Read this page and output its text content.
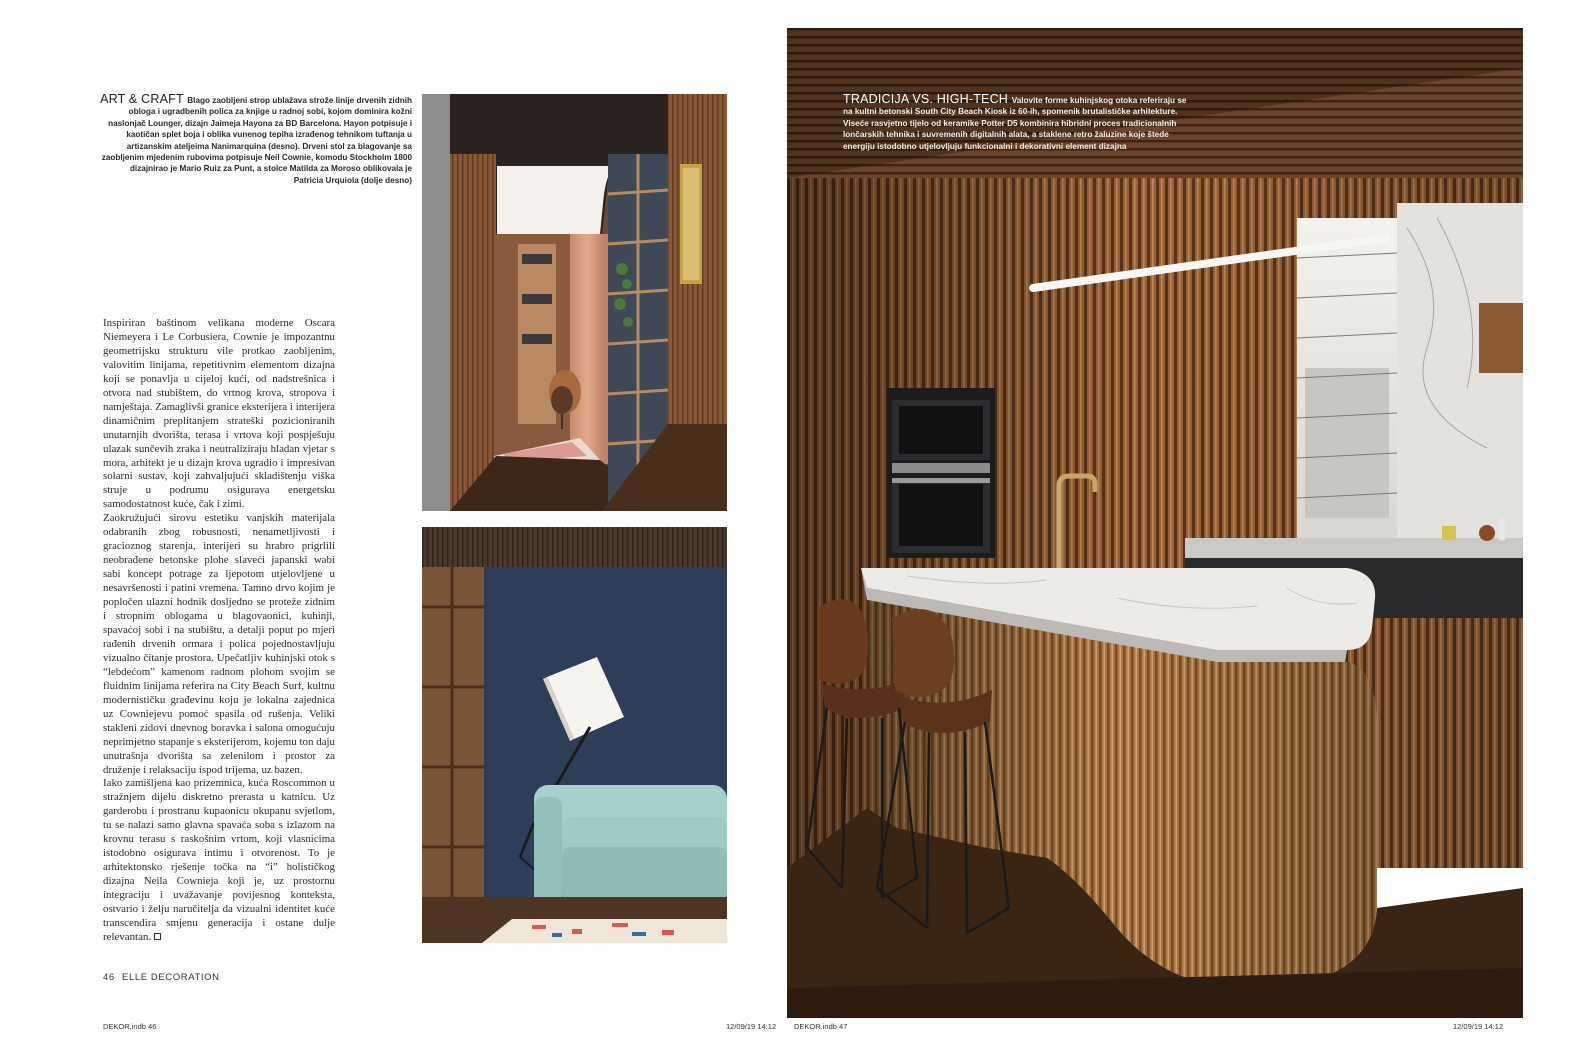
ART & CRAFT Blago zaobljeni strop ublažava strože linije drvenih zidnih obloga i ugradbenih polica za knjige u radnoj sobi, kojom dominira kožni naslonjač Lounger, dizajn Jaimeja Hayona za BD Barcelona. Hayon potpisuje i kaotičan splet boja i oblika vunenog tepiha izrađenog tehnikom tuftanja u artizanskim ateljeima Nanimarquina (desno). Drveni stol za blagovanje sa zaobljenim mjedenim rubovima potpisuje Neil Cownie, komodu Stockholm 1800 dizajnirao je Mario Ruiz za Punt, a stolce Matilda za Moroso oblikovala je Patricia Urquiola (dolje desno)

Inspiriran baštinom velikana moderne Oscara Niemeyera i Le Corbusiera, Cownie je impozantnu geometrijsku strukturu vile protkao zaobljenim, valovitim linijama, repetitivnim elementom dizajna koji se ponavlja u cijeloj kući, od nadstrešnica i otvora nad stubištem, do vrtnog krova, stropova i namještaja. Zamaglivši granice eksterijera i interijera dinamičnim preplitanjem strateški pozicioniranih unutarnjih dvorišta, terasa i vrtova koji pospješuju ulazak sunčevih zraka i neutraliziraju hladan vjetar s mora, arhitekt je u dizajn krova ugradio i impresivan solarni sustav, koji zahvaljujući skladištenju viška struje u podrumu osigurava energetsku samodostatnost kuće, čak i zimi.

Zaokružujući sirovu estetiku vanjskih materijala odabranih zbog robusnosti, nenametljivosti i gracioznog starenja, interijeri su hrabro prigrlili neobrađene betonske plohe slaveći japanski wabi sabi koncept potrage za ljepotom utjelovljene u nesavršenosti i patini vremena. Tamno drvo kojim je popločen ulazni hodnik dosljedno se proteže zidnim i stropnim oblogama u blagovaonici, kuhinji, spavaćoj sobi i na stubištu, a detalji poput po mjeri rađenih drvenih ormara i polica pojednostavljuju vizualno čitanje prostora. Upečatljiv kuhinjski otok s “lebdećom” kamenom radnom plohom svojim se fluidnim linijama referira na City Beach Surf, kultnu modernističku građevinu koju je lokalna zajednica uz Cowniejevu pomoć spasila od rušenja. Veliki stakleni zidovi dnevnog boravka i salona omogućuju neprimjetno stapanje s eksterijerom, kojemu ton daju unutrašnja dvorišta sa zelenilom i prostor za druženje i relaksaciju ispod trijema, uz bazen.

Iako zamišljena kao prizemnica, kuća Roscommon u stražnjem dijelu diskretno prerasta u katnicu. Uz garderobu i prostranu kupaonicu okupanu svjetlom, tu se nalazi samo glavna spavaća soba s izlazom na krovnu terasu s raskošnim vrtom, koji vlasnicima istodobno osigurava intimu i otvorenost. To je arhitektonsko rješenje točka na “i” holističkog dizajna Neila Cownieja koji je, uz prostornu integraciju i uvažavanje povijesnog konteksta, ostvario i želju naručitelja da vizualni identitet kuće transcendira smjenu generacija i ostane dulje relevantan.

46 ELLE DECORATION
TRADICIJA VS. HIGH-TECH Valovite forme kuhinjskog otoka referiraju se na kultni betonski South City Beach Kiosk iz 60-ih, spomenik brutalističke arhitekture. Viseće rasvjetno tijelo od keramike Potter D5 kombinira hibridni proces tradicionalnih lončarskih tehnika i suvremenih digitalnih alata, a staklene retro žaluzine koje štede energiju istodobno utjelovljuju funkcionalni i dekorativni element dizajna
DEKOR.indb 46	12/09/19 14:12 DEKOR.indb 47	12/09/19 14:12
